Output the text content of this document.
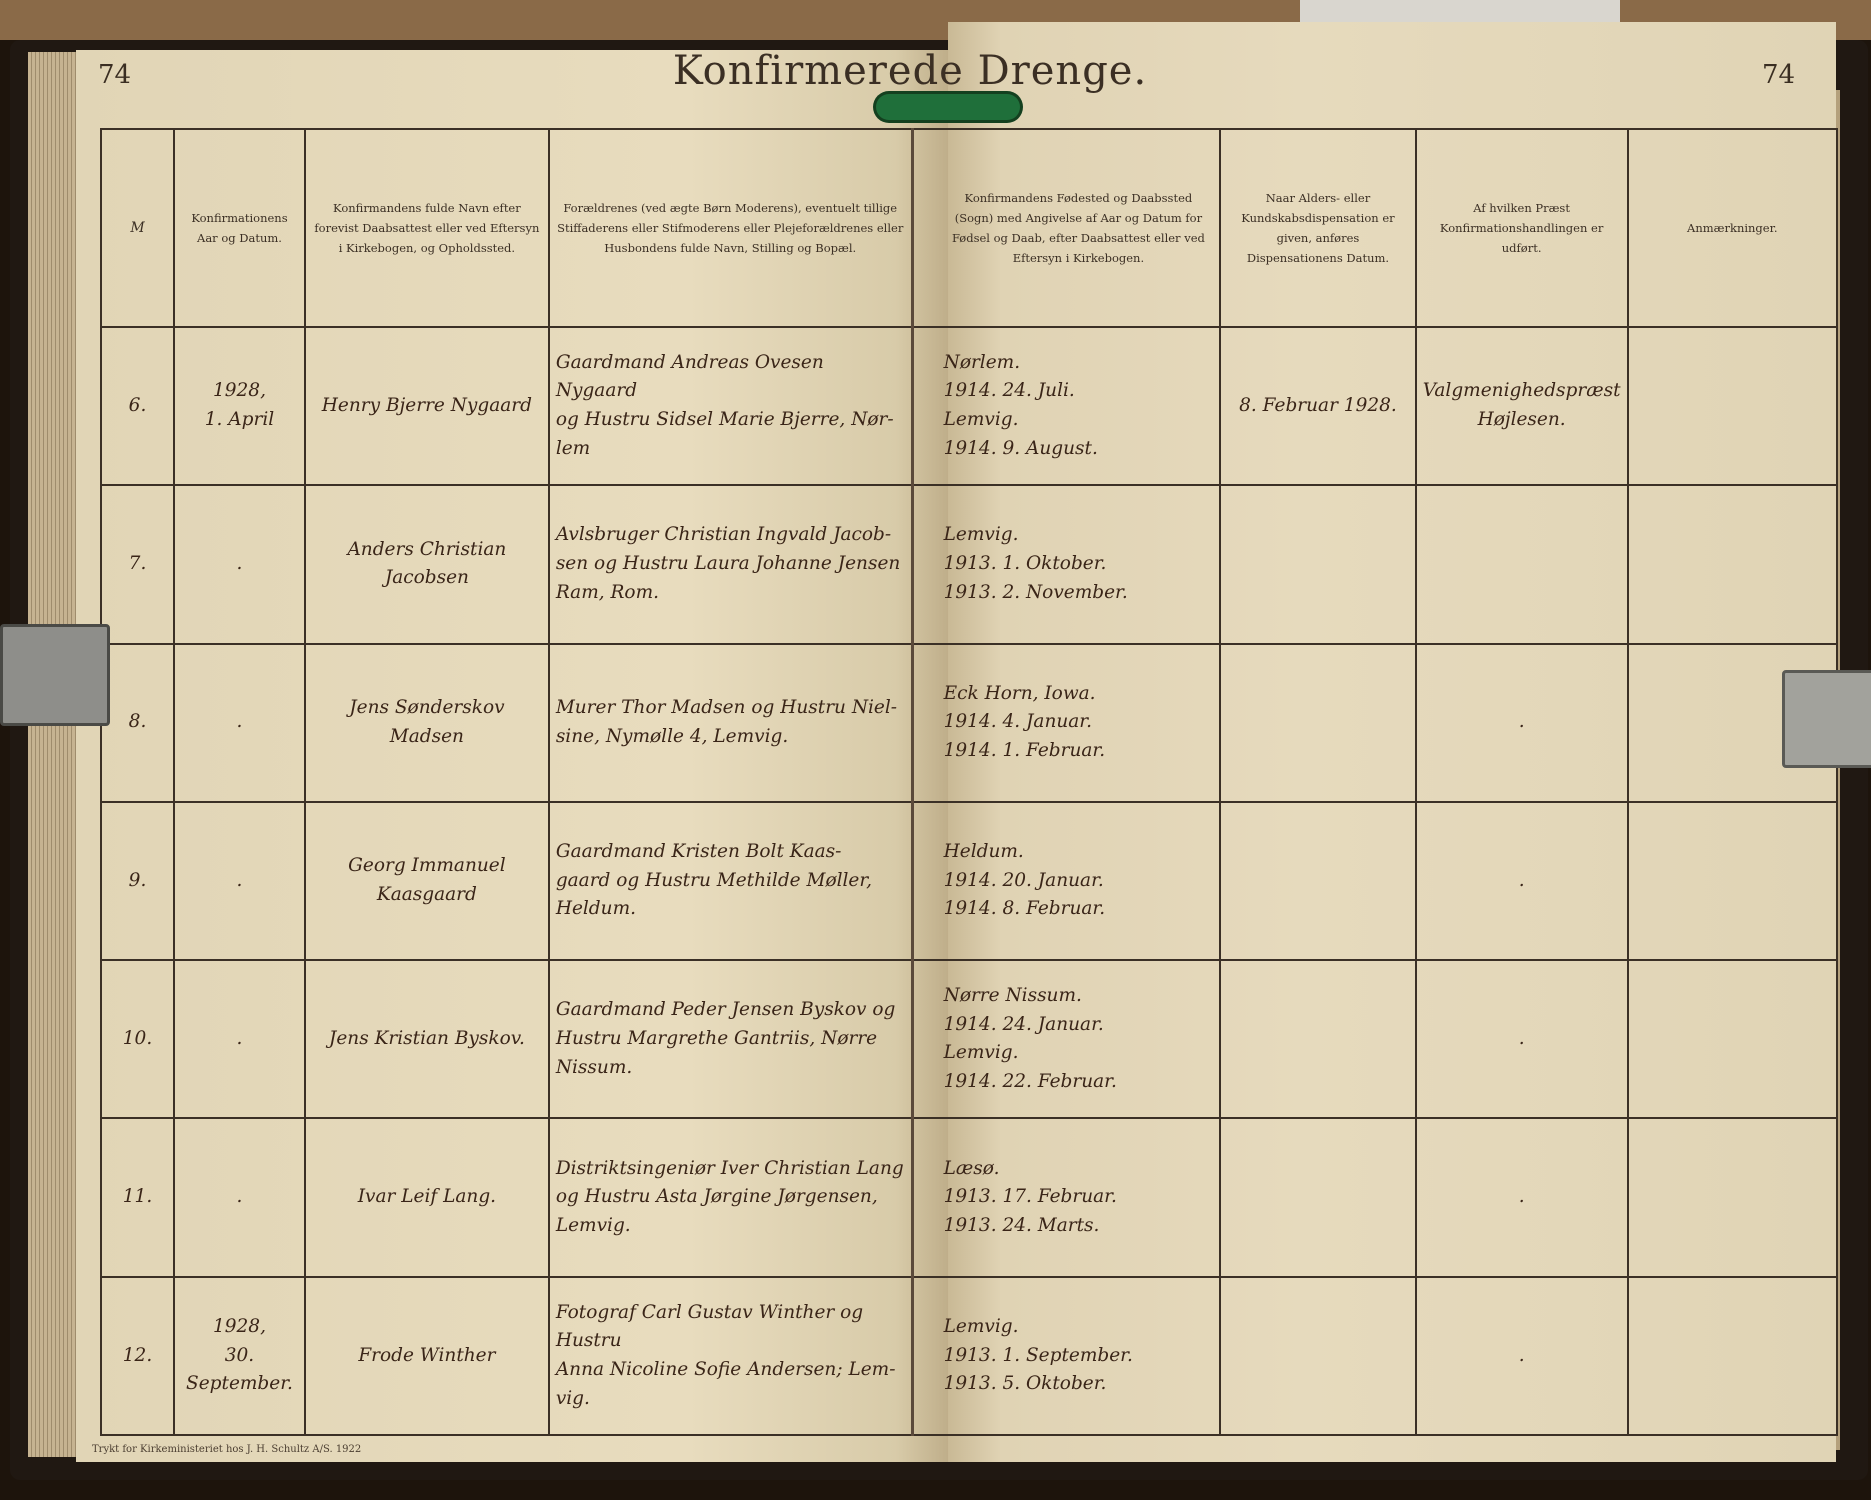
74	74
Konfirmerede Drenge.
M	Konfirmationens Aar og Datum.	Konfirmandens fulde Navn efter forevist Daabsattest eller ved Eftersyn i Kirkebogen, og Opholdssted.	Forældrenes (ved ægte Børn Moderens), eventuelt tillige Stiffaderens eller Stifmoderens eller Plejeforældrenes eller Husbondens fulde Navn, Stilling og Bopæl.	Konfirmandens Fødested og Daabssted (Sogn) med Angivelse af Aar og Datum for Fødsel og Daab, efter Daabsattest eller ved Eftersyn i Kirkebogen.	Naar Alders- eller Kundskabsdispensation er given, anføres Dispensationens Datum.	Af hvilken Præst Konfirmationshandlingen er udført.	Anmærkninger.
6.	1928,
1. April	Henry Bjerre Nygaard	Gaardmand Andreas Ovesen Nygaard
og Hustru Sidsel Marie Bjerre, Nør-
lem	Nørlem.
1914. 24. Juli.
Lemvig.
1914. 9. August.	8. Februar 1928.	Valgmenighedspræst
Højlesen.	

7.	.	Anders Christian Jacobsen	Avlsbruger Christian Ingvald Jacob-
sen og Hustru Laura Johanne Jensen
Ram, Rom.	Lemvig.
1913. 1. Oktober.
1913. 2. November.			

8.	.	Jens Sønderskov Madsen	Murer Thor Madsen og Hustru Niel-
sine, Nymølle 4, Lemvig.	Eck Horn, Iowa.
1914. 4. Januar.
1914. 1. Februar.		.	

9.	.	Georg Immanuel Kaasgaard	Gaardmand Kristen Bolt Kaas-
gaard og Hustru Methilde Møller,
Heldum.	Heldum.
1914. 20. Januar.
1914. 8. Februar.		.	

10.	.	Jens Kristian Byskov.	Gaardmand Peder Jensen Byskov og
Hustru Margrethe Gantriis, Nørre
Nissum.	Nørre Nissum.
1914. 24. Januar.
Lemvig.
1914. 22. Februar.		.	

11.	.	Ivar Leif Lang.	Distriktsingeniør Iver Christian Lang
og Hustru Asta Jørgine Jørgensen, Lemvig.	Læsø.
1913. 17. Februar.
1913. 24. Marts.		.	

12.	1928,
30. September.	Frode Winther	Fotograf Carl Gustav Winther og Hustru
Anna Nicoline Sofie Andersen; Lem-
vig.	Lemvig.
1913. 1. September.
1913. 5. Oktober.		.	

Trykt for Kirkeministeriet hos J. H. Schultz A/S. 1922
